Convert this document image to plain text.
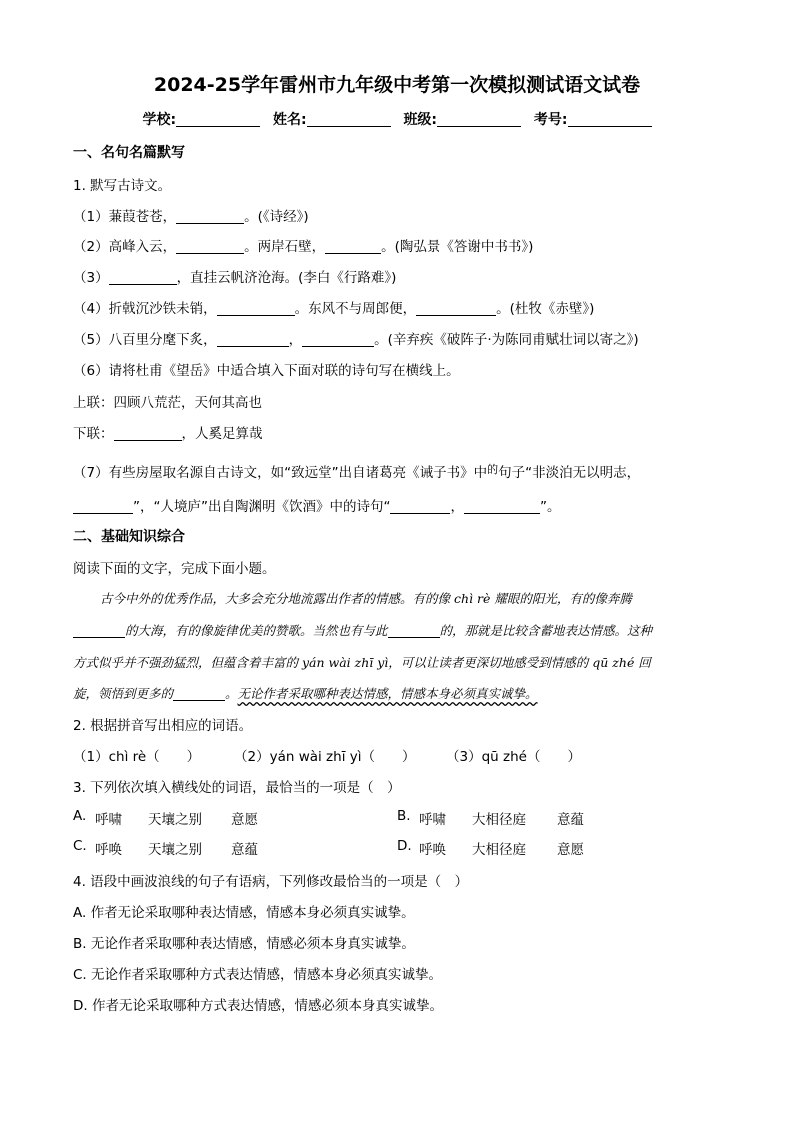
2024-25学年雷州市九年级中考第一次模拟测试语文试卷
学校:	姓名:	班级:	考号:
一、名句名篇默写
1. 默写古诗文。
（1）蒹葭苍苍，	。(《诗经》)
（2）高峰入云，	。两岸石壁，	。(陶弘景《答谢中书书》)
（3）	，直挂云帆济沧海。(李白《行路难》)
（4）折戟沉沙铁未销，	。东风不与周郎便，	。(杜牧《赤壁》)
（5）八百里分麾下炙，	，	。(辛弃疾《破阵子·为陈同甫赋壮词以寄之》)
（6）请将杜甫《望岳》中适合填入下面对联的诗句写在横线上。
上联：四顾八荒茫，天何其高也
下联：	，人奚足算哉
（7）有些房屋取名源自古诗文，如“致远堂”出自诸葛亮《诫子书》中$^的$句子“非淡泊无以明志，
”，“人境庐”出自陶渊明《饮酒》中的诗句“	，	”。
二、基础知识综合
阅读下面的文字，完成下面小题。
古今中外的优秀作品，大多会充分地流露出作者的情感。有的像 chì rè 耀眼的阳光，有的像奔腾
的大海，有的像旋律优美的赞歌。当然也有与此	的，那就是比较含蓄地表达情感。这种
方式似乎并不强劲猛烈，但蕴含着丰富的 yán wài zhī yì，可以让读者更深切地感受到情感的 qū zhé 回
旋，领悟到更多的	。无论作者采取哪种表达情感，情感本身必须真实诚挚。
2. 根据拼音写出相应的词语。
（1）chì rè（　　）	（2）yán wài zhī yì（　　） （3）qū zhé（　　）
3. 下列依次填入横线处的词语，最恰当的一项是（　）
A. 呼啸 天壤之别 意愿	B. 呼啸 大相径庭 意蕴
C. 呼唤 天壤之别 意蕴	D. 呼唤 大相径庭 意愿
4. 语段中画波浪线的句子有语病，下列修改最恰当的一项是（　）
A. 作者无论采取哪种表达情感，情感本身必须真实诚挚。
B. 无论作者采取哪种表达情感，情感必须本身真实诚挚。
C. 无论作者采取哪种方式表达情感，情感本身必须真实诚挚。
D. 作者无论采取哪种方式表达情感，情感必须本身真实诚挚。
